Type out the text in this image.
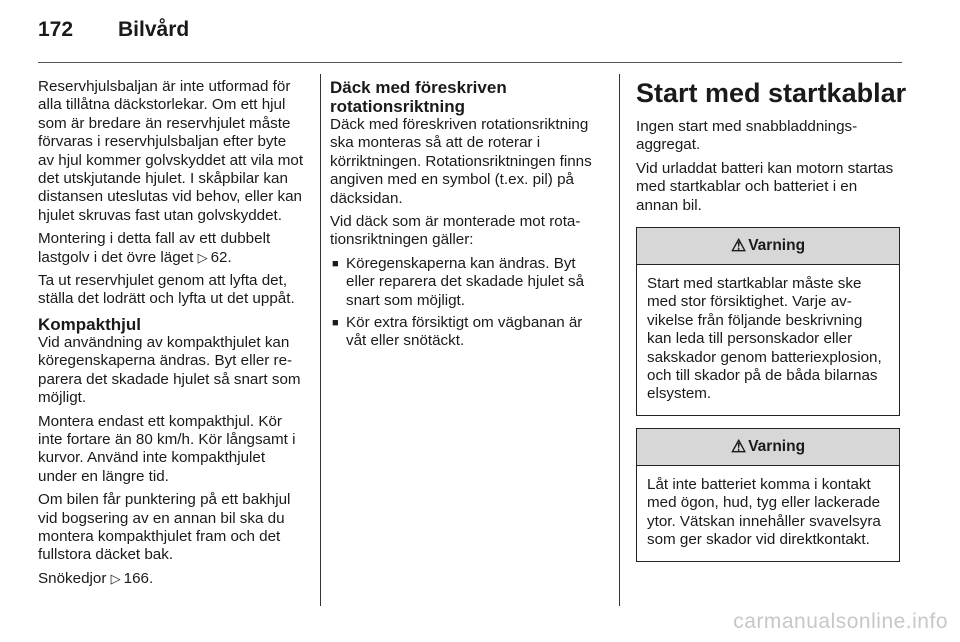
172 Bilvård

Reservhjulsbaljan är inte utformad för alla tillåtna däckstorlekar. Om ett hjul som är bredare än reservhjulet måste förvaras i reservhjulsbaljan efter byte av hjul kommer golvskyddet att vila mot det utskjutande hjulet. I skåpbilar kan distansen uteslutas vid behov, eller kan hjulet skruvas fast utan golvskyddet.

Montering i detta fall av ett dubbelt lastgolv i det övre läget ▷ 62.

Ta ut reservhjulet genom att lyfta det, ställa det lodrätt och lyfta ut det uppåt.

Kompakthjul

Vid användning av kompakthjulet kan köregenskaperna ändras. Byt eller reparera det skadade hjulet så snart som möjligt.

Montera endast ett kompakthjul. Kör inte fortare än 80 km/h. Kör långsamt i kurvor. Använd inte kompakthjulet under en längre tid.

Om bilen får punktering på ett bakhjul vid bogsering av en annan bil ska du montera kompakthjulet fram och det fullstora däcket bak.

Snökedjor ▷ 166.

Däck med föreskriven rotationsriktning

Däck med föreskriven rotationsriktning ska monteras så att de roterar i körriktningen. Rotationsriktningen finns angiven med en symbol (t.ex. pil) på däcksidan.

Vid däck som är monterade mot rotationsriktningen gäller:

■ Köregenskaperna kan ändras. Byt eller reparera det skadade hjulet så snart som möjligt.
■ Kör extra försiktigt om vägbanan är våt eller snötäckt.
Start med startkablar

Ingen start med snabbladdningsaggregat.

Vid urladdat batteri kan motorn startas med startkablar och batteriet i en annan bil.

⚠ Varning
Start med startkablar måste ske med stor försiktighet. Varje avvikelse från följande beskrivning kan leda till personskador eller sakskador genom batteriexplosion, och till skador på de båda bilarnas elsystem.
⚠ Varning
Låt inte batteriet komma i kontakt med ögon, hud, tyg eller lackerade ytor. Vätskan innehåller svavelsyra som ger skador vid direktkontakt.
carmanualsonline.info
